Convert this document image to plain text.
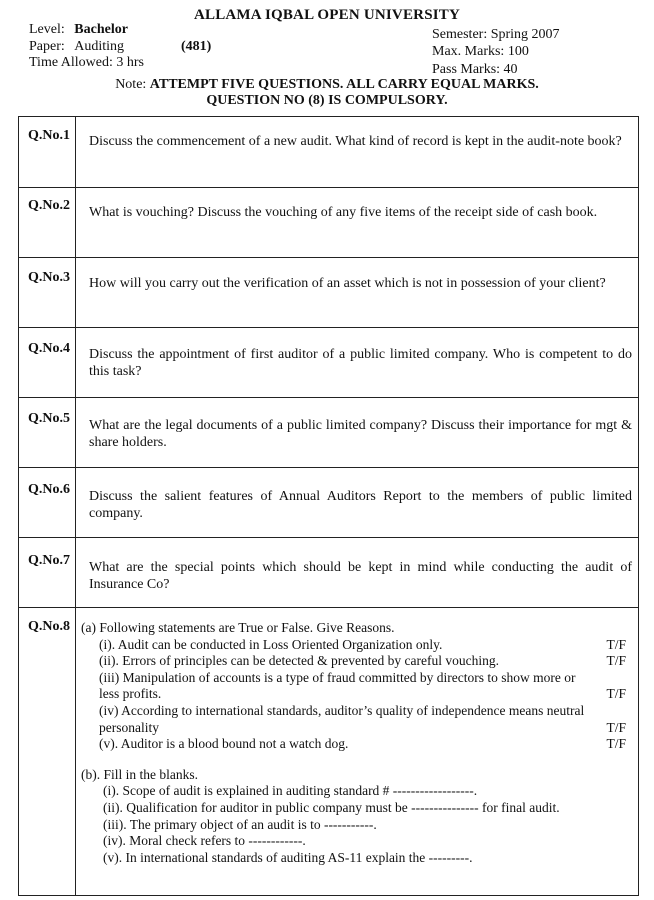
ALLAMA IQBAL OPEN UNIVERSITY
Level: Bachelor
Paper: Auditing	(481)
Time Allowed: 3 hrs
Semester: Spring 2007
Max. Marks: 100
Pass Marks: 40
Note: ATTEMPT FIVE QUESTIONS. ALL CARRY EQUAL MARKS.
QUESTION NO (8) IS COMPULSORY.
Q.No.1 Discuss the commencement of a new audit. What kind of record is kept in the audit-note book?
Q.No.2 What is vouching? Discuss the vouching of any five items of the receipt side of cash book.
Q.No.3 How will you carry out the verification of an asset which is not in possession of your client?
Q.No.4 Discuss the appointment of first auditor of a public limited company. Who is competent to do this task?
Q.No.5 What are the legal documents of a public limited company? Discuss their importance for mgt & share holders.
Q.No.6 Discuss the salient features of Annual Auditors Report to the members of public limited company.
Q.No.7 What are the special points which should be kept in mind while conducting the audit of Insurance Co?
Q.No.8 (a) Following statements are True or False. Give Reasons.
(i). Audit can be conducted in Loss Oriented Organization only.	T/F
(ii). Errors of principles can be detected & prevented by careful vouching.	T/F
(iii) Manipulation of accounts is a type of fraud committed by directors to show more or less profits.	T/F
(iv) According to international standards, auditor’s quality of independence means neutral personality	T/F
(v). Auditor is a blood bound not a watch dog.	T/F
(b). Fill in the blanks.
(i). Scope of audit is explained in auditing standard # ------------------.
(ii). Qualification for auditor in public company must be --------------- for final audit.
(iii). The primary object of an audit is to -----------.
(iv). Moral check refers to ------------.
(v). In international standards of auditing AS-11 explain the ---------.
